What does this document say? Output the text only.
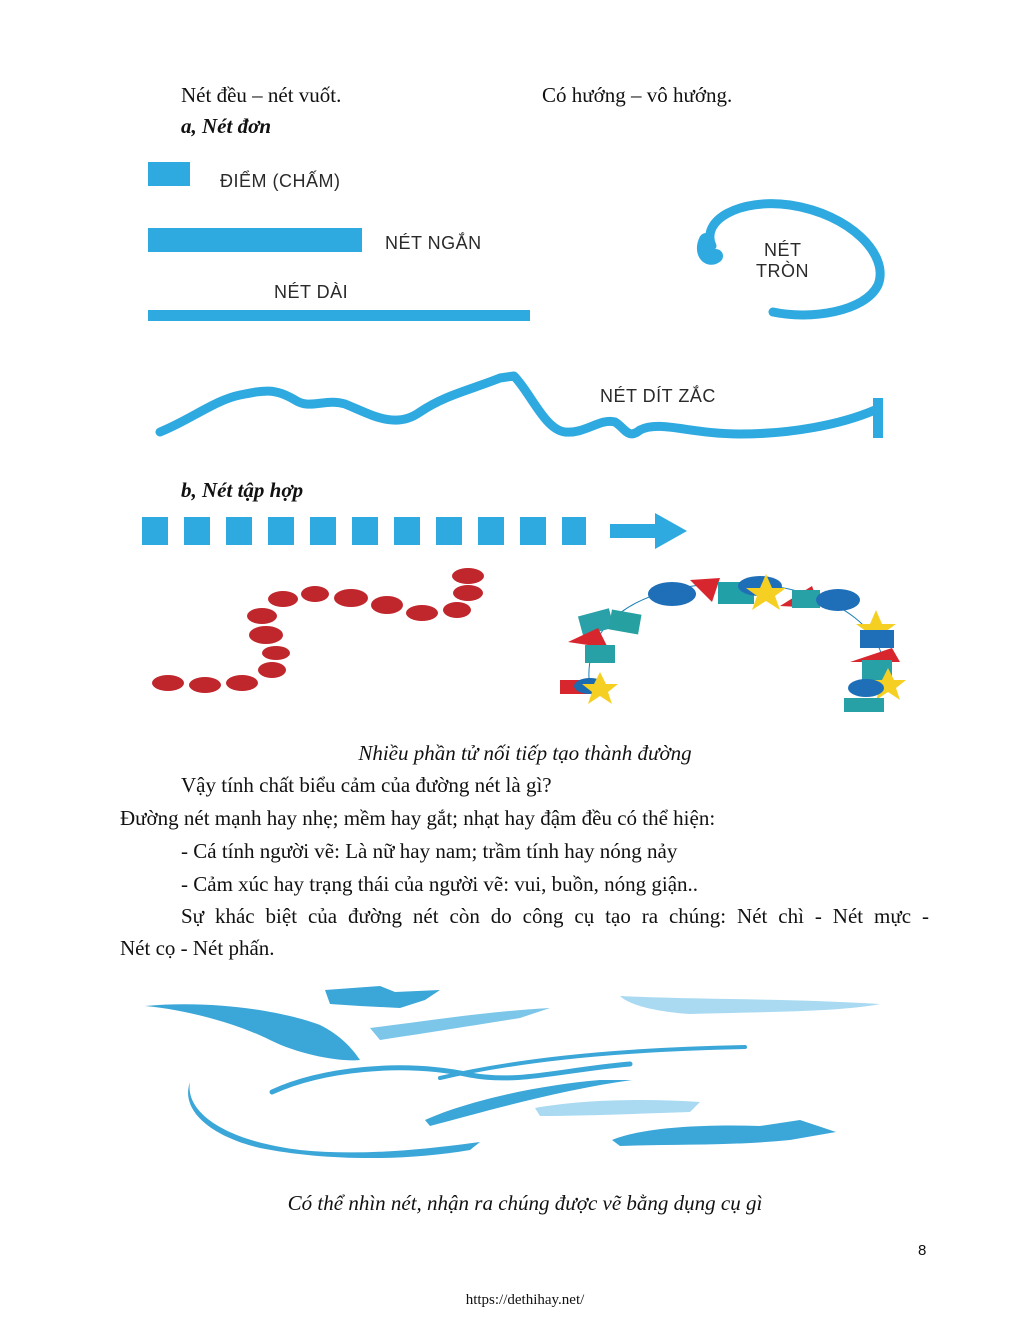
Nét đều – nét vuốt.	Có hướng – vô hướng.
a, Nét đơn
ĐIỂM (CHẤM)
NÉT NGẮN
NÉT DÀI
NÉT
TRÒN
NÉT DÍT ZẮC
b, Nét tập hợp
Nhiều phần tử nối tiếp tạo thành đường
Vậy tính chất biểu cảm của đường nét là gì?
Đường nét mạnh hay nhẹ; mềm hay gắt; nhạt hay đậm đều có thể hiện:
- Cá tính người vẽ: Là nữ hay nam; trầm tính hay nóng nảy
- Cảm xúc hay trạng thái của người vẽ: vui, buồn, nóng giận..
Sự khác biệt của đường nét còn do công cụ tạo ra chúng: Nét chì - Nét mực -
Nét cọ - Nét phấn.
Có thể nhìn nét, nhận ra chúng được vẽ bằng dụng cụ gì
8
https://dethihay.net/
